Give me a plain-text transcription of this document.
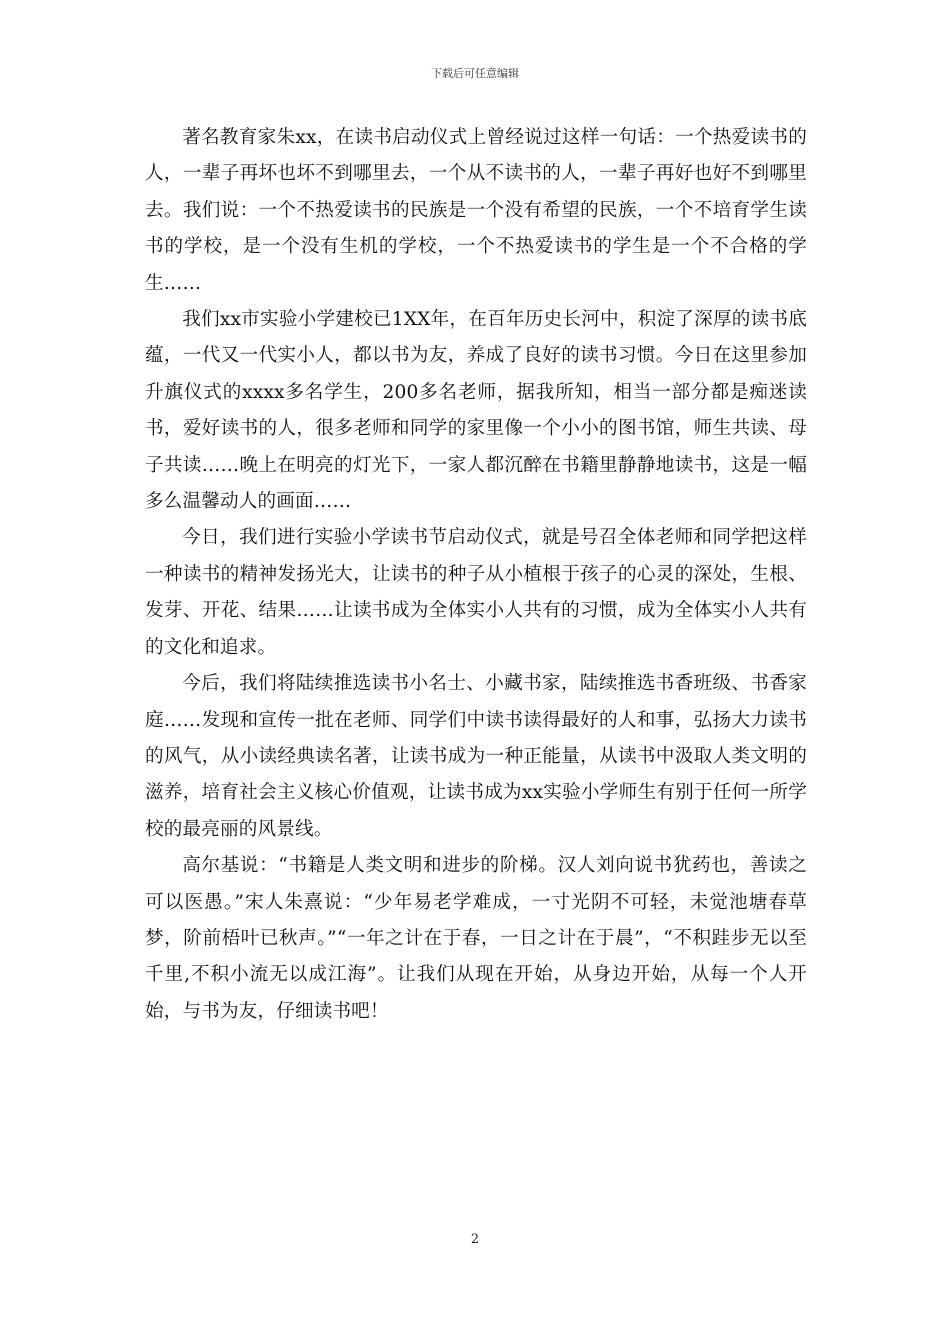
下载后可任意编辑

著名教育家朱xx，在读书启动仪式上曾经说过这样一句话：一个热爱读书的人，一辈子再坏也坏不到哪里去，一个从不读书的人，一辈子再好也好不到哪里去。我们说：一个不热爱读书的民族是一个没有希望的民族，一个不培育学生读书的学校，是一个没有生机的学校，一个不热爱读书的学生是一个不合格的学生……

我们xx市实验小学建校已1XX年，在百年历史长河中，积淀了深厚的读书底蕴，一代又一代实小人，都以书为友，养成了良好的读书习惯。今日在这里参加升旗仪式的xxxx多名学生，200多名老师，据我所知，相当一部分都是痴迷读书，爱好读书的人，很多老师和同学的家里像一个小小的图书馆，师生共读、母子共读……晚上在明亮的灯光下，一家人都沉醉在书籍里静静地读书，这是一幅多么温馨动人的画面……

今日，我们进行实验小学读书节启动仪式，就是号召全体老师和同学把这样一种读书的精神发扬光大，让读书的种子从小植根于孩子的心灵的深处，生根、发芽、开花、结果……让读书成为全体实小人共有的习惯，成为全体实小人共有的文化和追求。

今后，我们将陆续推选读书小名士、小藏书家，陆续推选书香班级、书香家庭……发现和宣传一批在老师、同学们中读书读得最好的人和事，弘扬大力读书的风气，从小读经典读名著，让读书成为一种正能量，从读书中汲取人类文明的滋养，培育社会主义核心价值观，让读书成为xx实验小学师生有别于任何一所学校的最亮丽的风景线。

高尔基说：“书籍是人类文明和进步的阶梯。汉人刘向说书犹药也，善读之可以医愚。”宋人朱熹说：“少年易老学难成，一寸光阴不可轻，未觉池塘春草梦，阶前梧叶已秋声。”“一年之计在于春，一日之计在于晨”，“不积跬步无以至千里,不积小流无以成江海”。让我们从现在开始，从身边开始，从每一个人开始，与书为友，仔细读书吧！

2
